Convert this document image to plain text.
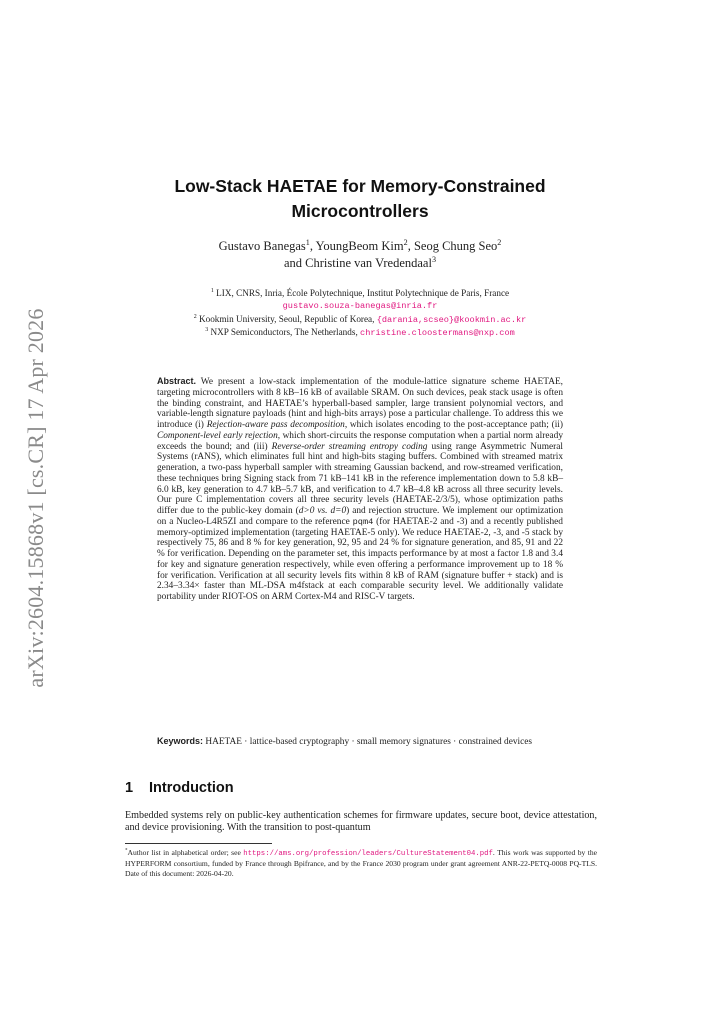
arXiv:2604.15868v1 [cs.CR] 17 Apr 2026
Low-Stack HAETAE for Memory-Constrained Microcontrollers
Gustavo Banegas$^1$, YoungBeom Kim$^2$, Seog Chung Seo$^2$
and Christine van Vredendaal$^3$
$^1$ LIX, CNRS, Inria, École Polytechnique, Institut Polytechnique de Paris, France
gustavo.souza-banegas@inria.fr
$^2$ Kookmin University, Seoul, Republic of Korea, {darania,scseo}@kookmin.ac.kr
$^3$ NXP Semiconductors, The Netherlands, christine.cloostermans@nxp.com
Abstract. We present a low-stack implementation of the module-lattice signature scheme HAETAE, targeting microcontrollers with 8 kB–16 kB of available SRAM. On such devices, peak stack usage is often the binding constraint, and HAETAE’s hyperball-based sampler, large transient polynomial vectors, and variable-length signature payloads (hint and high-bits arrays) pose a particular challenge. To address this we introduce (i) Rejection-aware pass decomposition, which isolates encoding to the post-acceptance path; (ii) Component-level early rejection, which short-circuits the response computation when a partial norm already exceeds the bound; and (iii) Reverse-order streaming entropy coding using range Asymmetric Numeral Systems (rANS), which eliminates full hint and high-bits staging buffers. Combined with streamed matrix generation, a two-pass hyperball sampler with streaming Gaussian backend, and row-streamed verification, these techniques bring Signing stack from 71 kB–141 kB in the reference implementation down to 5.8 kB–6.0 kB, key generation to 4.7 kB–5.7 kB, and verification to 4.7 kB–4.8 kB across all three security levels. Our pure C implementation covers all three security levels (HAETAE-2/3/5), whose optimization paths differ due to the public-key domain (d>0 vs. d=0) and rejection structure. We implement our optimization on a Nucleo-L4R5ZI and compare to the reference pqm4 (for HAETAE-2 and -3) and a recently published memory-optimized implementation (targeting HAETAE-5 only). We reduce HAETAE-2, -3, and -5 stack by respectively 75, 86 and 8 % for key generation, 92, 95 and 24 % for signature generation, and 85, 91 and 22 % for verification. Depending on the parameter set, this impacts performance by at most a factor 1.8 and 3.4 for key and signature generation respectively, while even offering a performance improvement up to 18 % for verification. Verification at all security levels fits within 8 kB of RAM (signature buffer + stack) and is 2.34–3.34× faster than ML-DSA m4fstack at each comparable security level. We additionally validate portability under RIOT-OS on ARM Cortex-M4 and RISC-V targets.
Keywords: HAETAE · lattice-based cryptography · small memory signatures · constrained devices
1 Introduction
Embedded systems rely on public-key authentication schemes for firmware updates, secure boot, device attestation, and device provisioning. With the transition to post-quantum
*Author list in alphabetical order; see https://ams.org/profession/leaders/CultureStatement04.pdf. This work was supported by the HYPERFORM consortium, funded by France through Bpifrance, and by the France 2030 program under grant agreement ANR-22-PETQ-0008 PQ-TLS. Date of this document: 2026-04-20.
